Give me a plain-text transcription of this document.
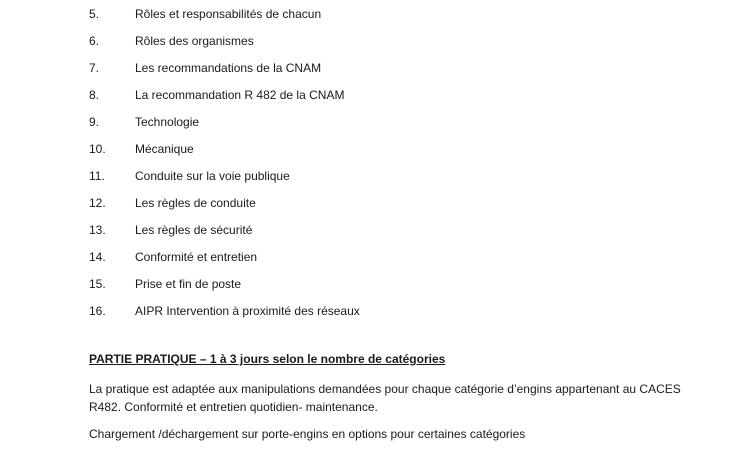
5.	Rôles et responsabilités de chacun
6.	Rôles des organismes
7.	Les recommandations de la CNAM
8.	La recommandation R 482 de la CNAM
9.	Technologie
10.	Mécanique
11.	Conduite sur la voie publique
12.	Les règles de conduite
13.	Les règles de sécurité
14.	Conformité et entretien
15.	Prise et fin de poste
16.	AIPR Intervention à proximité des réseaux
PARTIE PRATIQUE – 1 à 3 jours selon le nombre de catégories
La pratique est adaptée aux manipulations demandées pour chaque catégorie d’engins appartenant au CACES R482. Conformité et entretien quotidien- maintenance.
Chargement /déchargement sur porte-engins en options pour certaines catégories
